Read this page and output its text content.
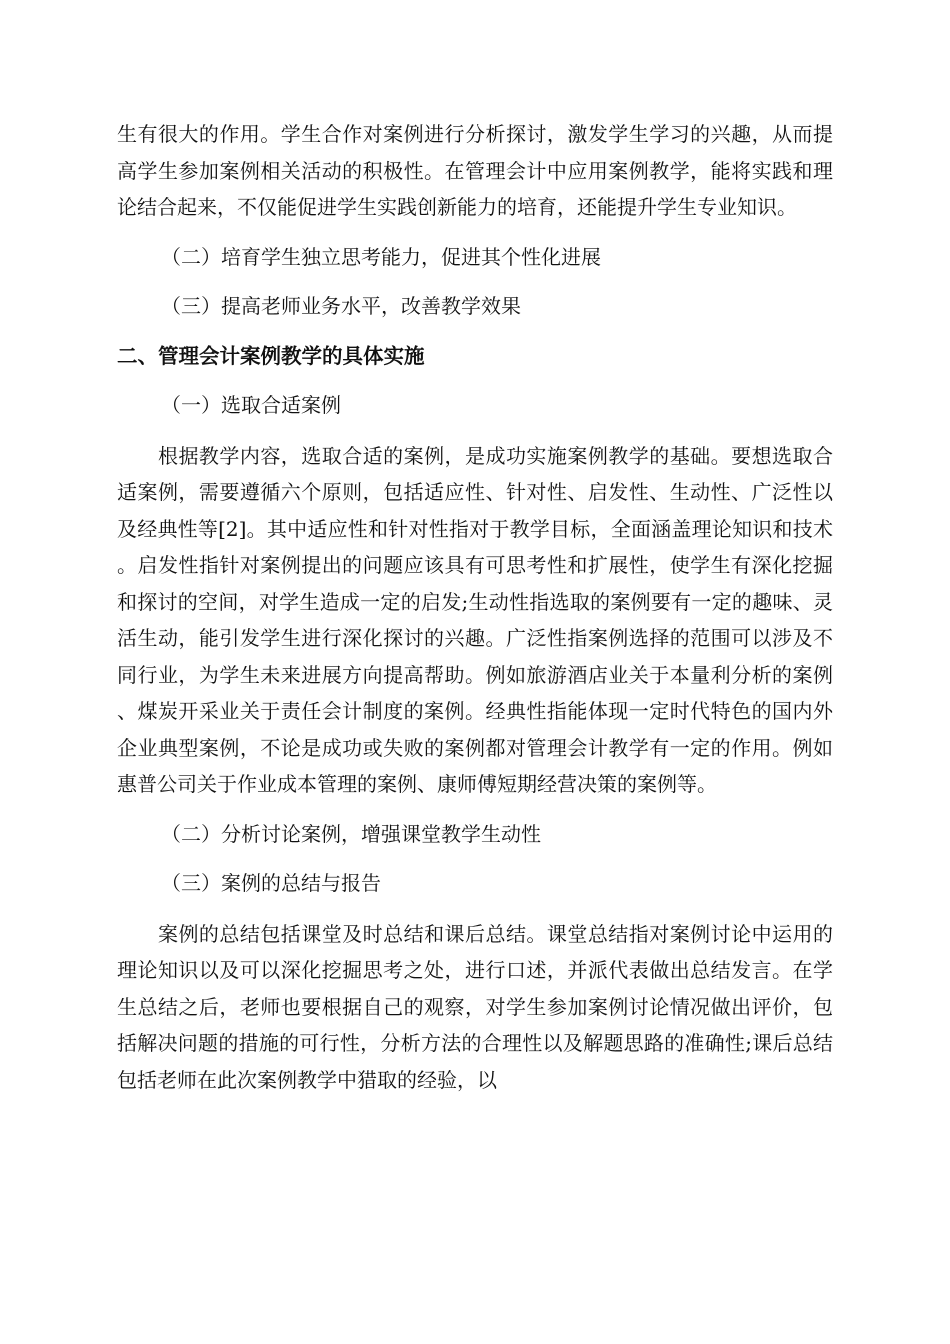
生有很大的作用。学生合作对案例进行分析探讨，激发学生学习的兴趣，从而提高学生参加案例相关活动的积极性。在管理会计中应用案例教学，能将实践和理论结合起来，不仅能促进学生实践创新能力的培育，还能提升学生专业知识。

（二）培育学生独立思考能力，促进其个性化进展

（三）提高老师业务水平，改善教学效果

二、管理会计案例教学的具体实施

（一）选取合适案例

根据教学内容，选取合适的案例，是成功实施案例教学的基础。要想选取合适案例，需要遵循六个原则，包括适应性、针对性、启发性、生动性、广泛性以及经典性等[2]。其中适应性和针对性指对于教学目标，全面涵盖理论知识和技术。启发性指针对案例提出的问题应该具有可思考性和扩展性，使学生有深化挖掘和探讨的空间，对学生造成一定的启发;生动性指选取的案例要有一定的趣味、灵活生动，能引发学生进行深化探讨的兴趣。广泛性指案例选择的范围可以涉及不同行业，为学生未来进展方向提高帮助。例如旅游酒店业关于本量利分析的案例、煤炭开采业关于责任会计制度的案例。经典性指能体现一定时代特色的国内外企业典型案例，不论是成功或失败的案例都对管理会计教学有一定的作用。例如惠普公司关于作业成本管理的案例、康师傅短期经营决策的案例等。

（二）分析讨论案例，增强课堂教学生动性

（三）案例的总结与报告

案例的总结包括课堂及时总结和课后总结。课堂总结指对案例讨论中运用的理论知识以及可以深化挖掘思考之处，进行口述，并派代表做出总结发言。在学生总结之后，老师也要根据自己的观察，对学生参加案例讨论情况做出评价，包括解决问题的措施的可行性，分析方法的合理性以及解题思路的准确性;课后总结包括老师在此次案例教学中猎取的经验，以
